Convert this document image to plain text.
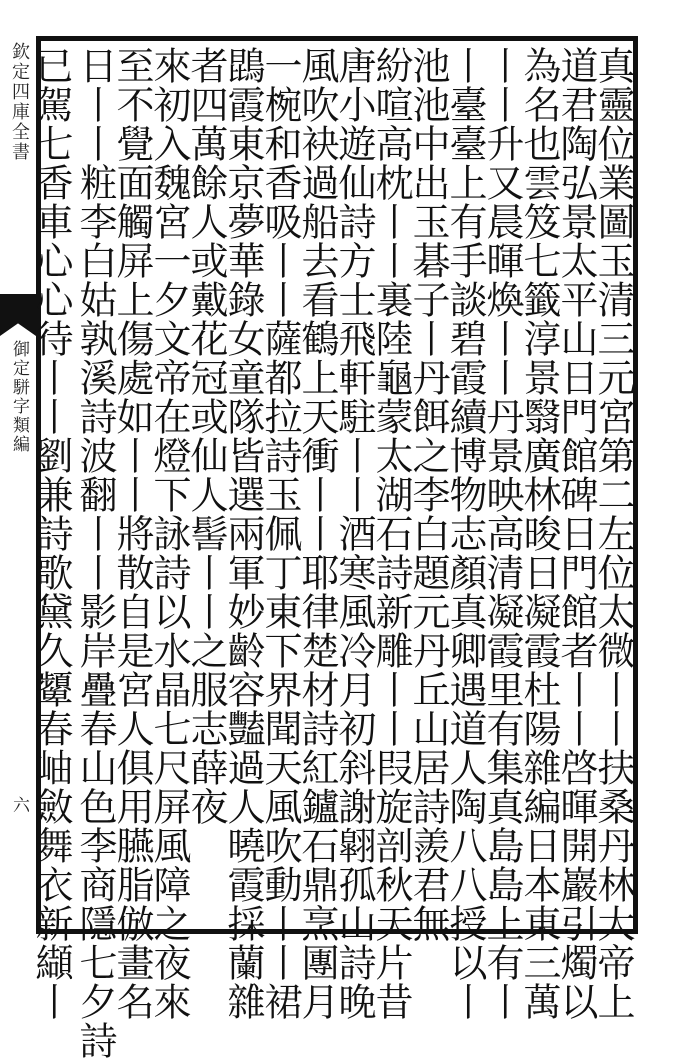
欽定四庫全書
御定駢字類編
六	真靈位業圖玉清三元宮第二左位太微丨丨扶桑丹林大帝上
道君陶弘景太平山日門館碑日門館者丨丨啓暉開巖引燭以
為名也雲笈七籤淳景翳廣林晙日凝霞杜陽雜編日本東三萬
丨丨升又晨暉煥丨丨丹景映高清凝霞里有集真島島上有丨
丨臺臺上有手談碧霞續博物志顏真卿遇道人陶八八授以丨
池池中出玉碁子丨丹餌之李白題元丹丘山居詩羨君無
紛喧高枕丨丨裏陸龜蒙太湖石詩新雕丨丨叚旋剖秋天片昔
唐小遊仙詩方士飛軒駐丨丨酒寒風冷月初斜謝翶孤山詩晚
風吹袂過船去看鶴上天衝丨丨耶律楚材詩紅鑪石鼎烹團月
一椀和香吸丨丨薩都拉詩玉佩丁東下界聞天風吹動丨丨裙
鵾霞東京夢華錄女童隊皆選兩軍妙齡容豔過人曉霞採蘭雜
者四萬餘人或戴花冠或仙人髻丨丨之服志薛夜
來初入魏宮一夕文帝在燈下詠詩以水晶七尺屏風障之夜來
至不覺面觸屏上傷處如丨丨將散自是宮人俱用臙脂倣畫名
日丨丨粧李白姑孰溪詩波翻丨丨影岸疊春山色李商隱七夕詩
已駕七香車心心待丨丨劉兼詩歌黛久顰春岫斂舞衣新纈丨
